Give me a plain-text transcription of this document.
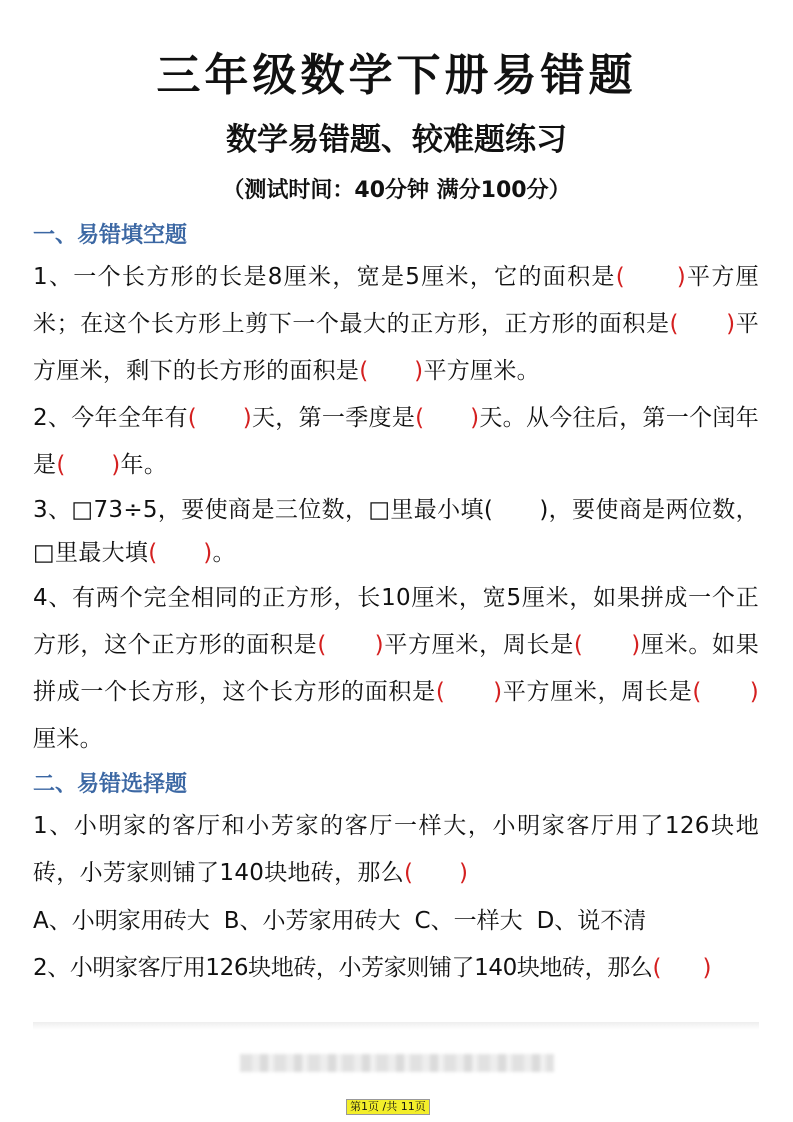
三年级数学下册易错题
数学易错题、较难题练习
（测试时间：40分钟 满分100分）

一、易错填空题

1、一个长方形的长是8厘米，宽是5厘米，它的面积是( )平方厘米；在这个长方形上剪下一个最大的正方形，正方形的面积是( )平方厘米，剩下的长方形的面积是( )平方厘米。

2、今年全年有( )天，第一季度是( )天。从今往后，第一个闰年是( )年。

3、□73÷5，要使商是三位数，□里最小填( )，要使商是两位数，□里最大填( )。

4、有两个完全相同的正方形，长10厘米，宽5厘米，如果拼成一个正方形，这个正方形的面积是( )平方厘米，周长是( )厘米。如果拼成一个长方形，这个长方形的面积是( )平方厘米，周长是( )厘米。

二、易错选择题

1、小明家的客厅和小芳家的客厅一样大，小明家客厅用了126块地砖，小芳家则铺了140块地砖，那么( )

A、小明家用砖大 B、小芳家用砖大 C、一样大 D、说不清

2、小明家客厅用126块地砖，小芳家则铺了140块地砖，那么( )

第1页 /共 11页
